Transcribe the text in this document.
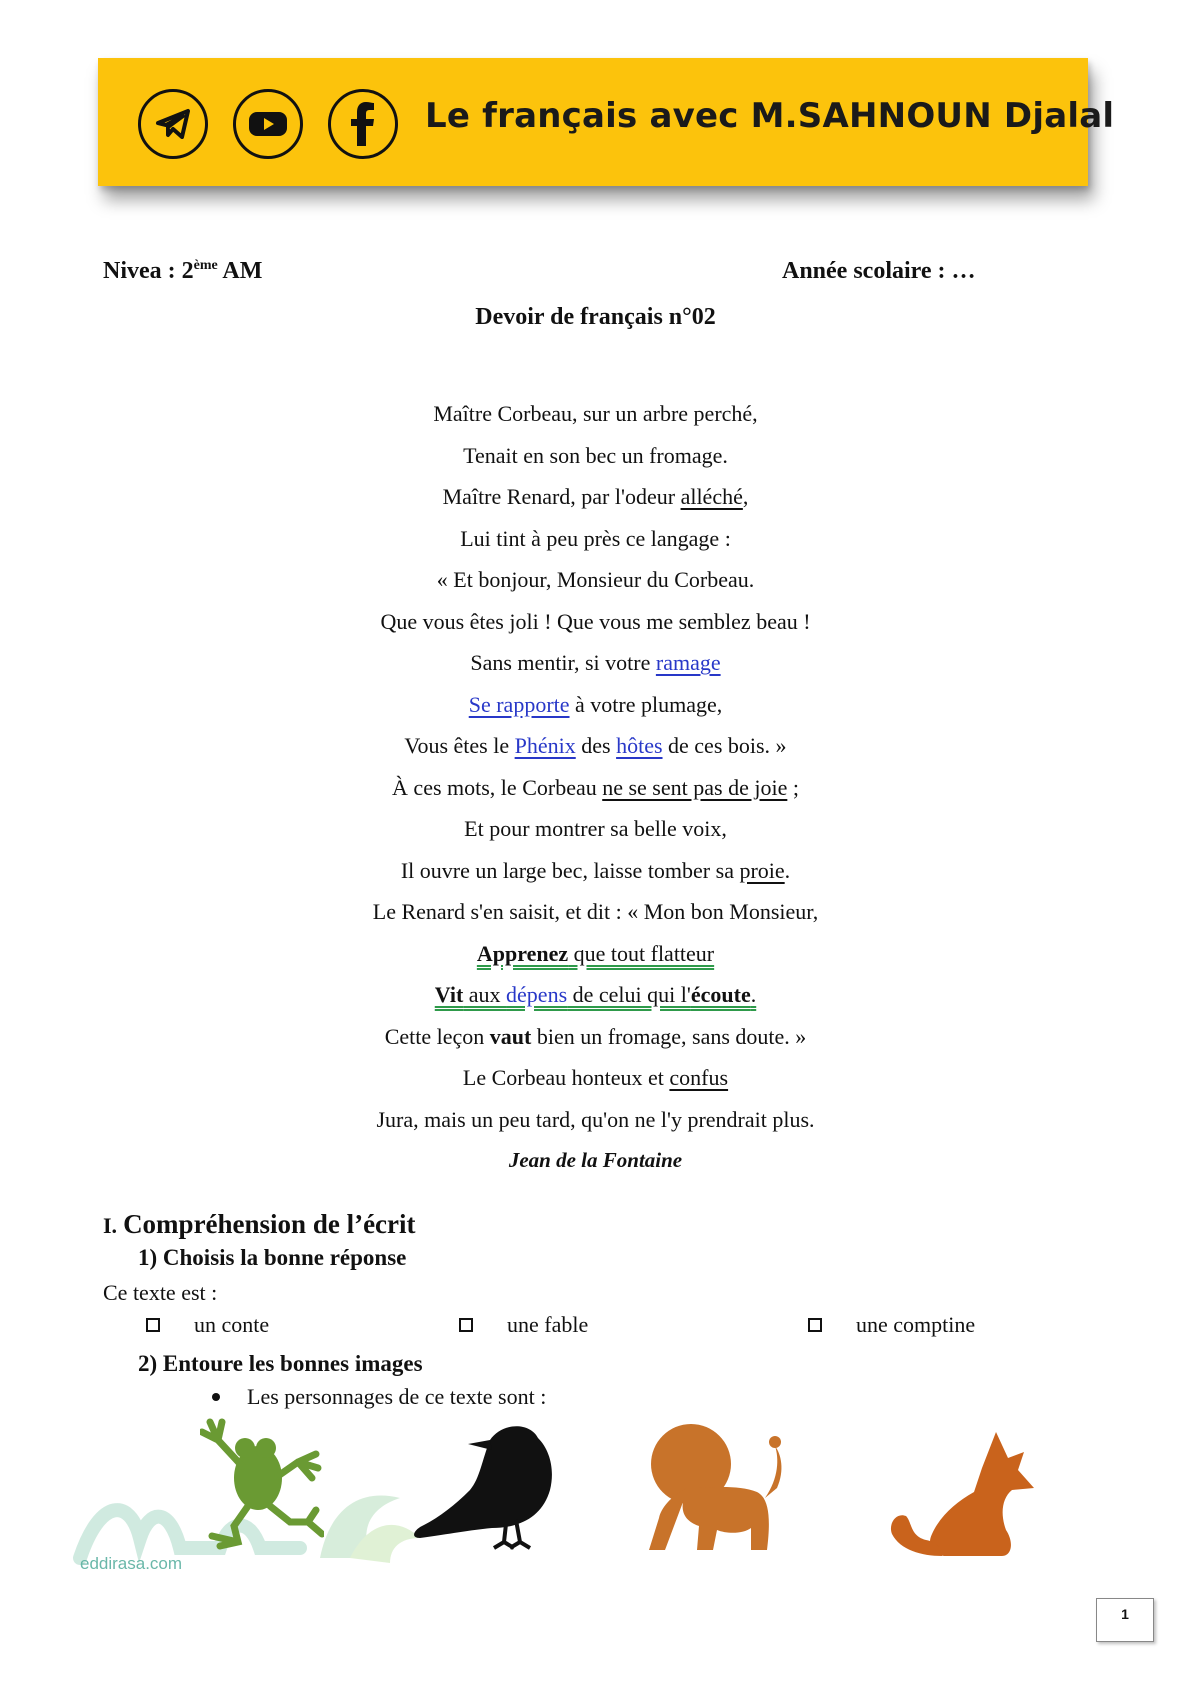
Le français avec M.SAHNOUN Djalal
Nivea : 2ème AM	Année scolaire : …
Devoir de français n°02
Maître Corbeau, sur un arbre perché,
Tenait en son bec un fromage.
Maître Renard, par l'odeur alléché,
Lui tint à peu près ce langage :
« Et bonjour, Monsieur du Corbeau.
Que vous êtes joli ! Que vous me semblez beau !
Sans mentir, si votre ramage
Se rapporte à votre plumage,
Vous êtes le Phénix des hôtes de ces bois. »
À ces mots, le Corbeau ne se sent pas de joie ;
Et pour montrer sa belle voix,
Il ouvre un large bec, laisse tomber sa proie.
Le Renard s'en saisit, et dit : « Mon bon Monsieur,
Apprenez que tout flatteur
Vit aux dépens de celui qui l'écoute.
Cette leçon vaut bien un fromage, sans doute. »
Le Corbeau honteux et confus
Jura, mais un peu tard, qu'on ne l'y prendrait plus.
Jean de la Fontaine
I. Compréhension de l’écrit
1) Choisis la bonne réponse
Ce texte est :
un conte	une fable	une comptine
2) Entoure les bonnes images
Les personnages de ce texte sont :
eddirasa.com
1
